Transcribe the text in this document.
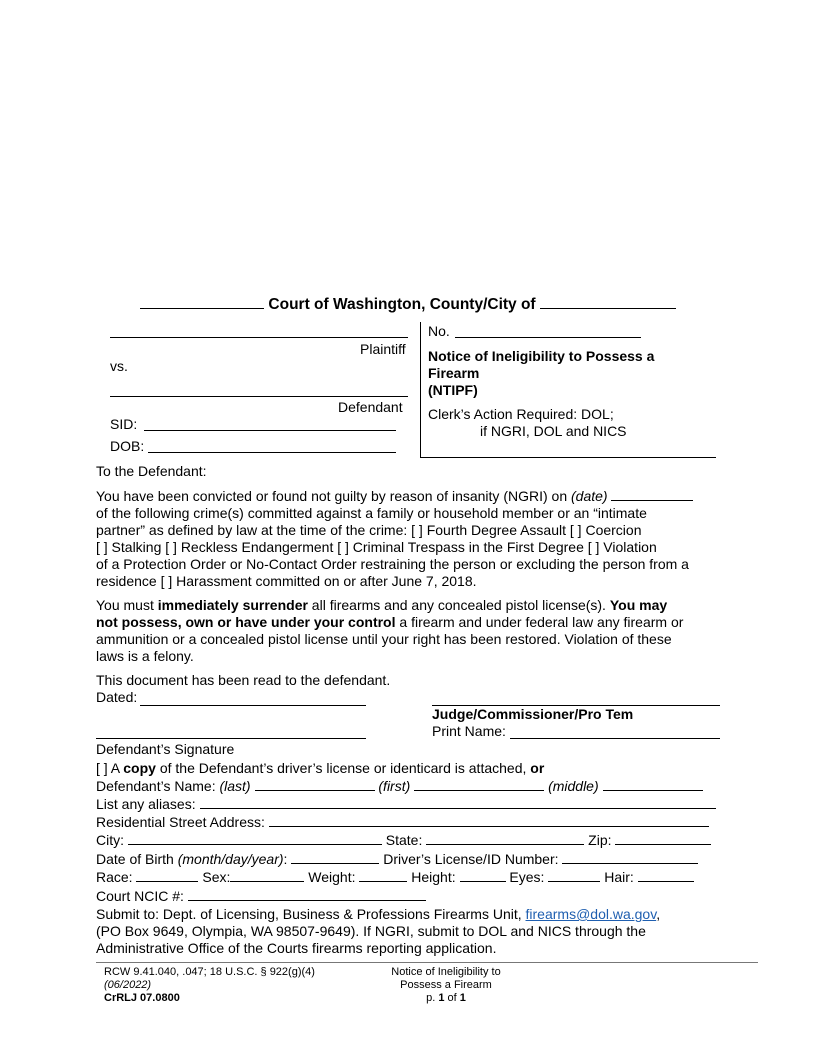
Court of Washington, County/City of
Plaintiff
vs.
Defendant
SID:
DOB:
No.
Notice of Ineligibility to Possess a
Firearm
(NTIPF)
Clerk’s Action Required: DOL;
if NGRI, DOL and NICS
To the Defendant:
You have been convicted or found not guilty by reason of insanity (NGRI) on (date)
of the following crime(s) committed against a family or household member or an “intimate
partner” as defined by law at the time of the crime: [ ] Fourth Degree Assault [ ] Coercion
[ ] Stalking [ ] Reckless Endangerment [ ] Criminal Trespass in the First Degree [ ] Violation
of a Protection Order or No-Contact Order restraining the person or excluding the person from a
residence [ ] Harassment committed on or after June 7, 2018.
You must immediately surrender all firearms and any concealed pistol license(s). You may
not possess, own or have under your control a firearm and under federal law any firearm or
ammunition or a concealed pistol license until your right has been restored. Violation of these
laws is a felony.
This document has been read to the defendant.
Dated:
Judge/Commissioner/Pro Tem
Print Name:
Defendant’s Signature
[ ] A copy of the Defendant’s driver’s license or identicard is attached, or
Defendant’s Name: (last)	(first)	(middle)
List any aliases:
Residential Street Address:
City:	State:	Zip:
Date of Birth (month/day/year):	Driver’s License/ID Number:
Race:	Sex:	Weight:	Height:	Eyes:	Hair:
Court NCIC #:
Submit to: Dept. of Licensing, Business & Professions Firearms Unit, firearms@dol.wa.gov,
(PO Box 9649, Olympia, WA 98507-9649). If NGRI, submit to DOL and NICS through the
Administrative Office of the Courts firearms reporting application.
RCW 9.41.040, .047; 18 U.S.C. § 922(g)(4)
(06/2022)
CrRLJ 07.0800
Notice of Ineligibility to
Possess a Firearm
p. 1 of 1
